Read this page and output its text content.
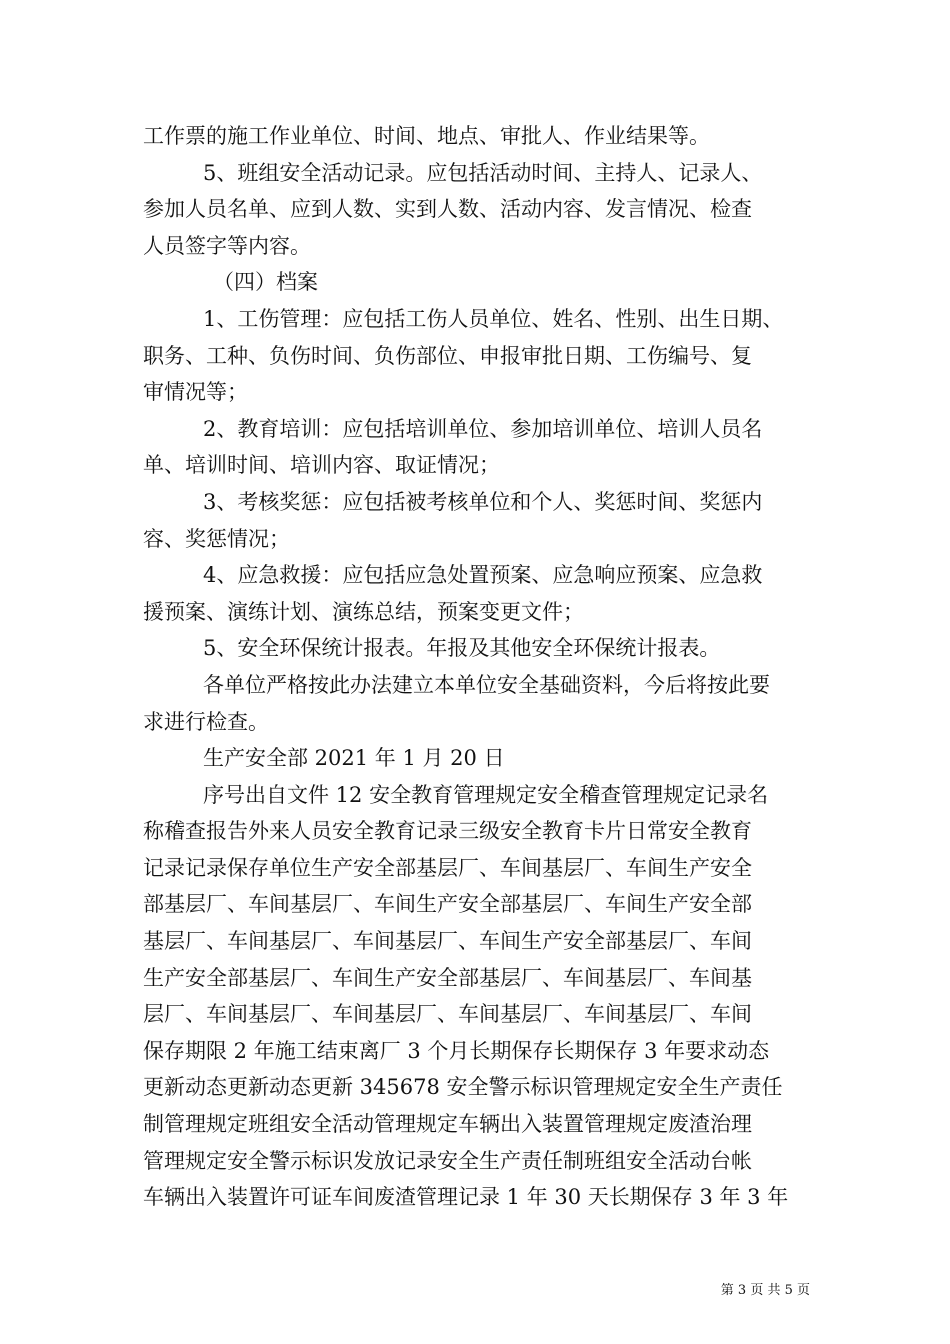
工作票的施工作业单位、时间、地点、审批人、作业结果等。
5、班组安全活动记录。应包括活动时间、主持人、记录人、
参加人员名单、应到人数、实到人数、活动内容、发言情况、检查
人员签字等内容。
（四）档案
1、工伤管理：应包括工伤人员单位、姓名、性别、出生日期、
职务、工种、负伤时间、负伤部位、申报审批日期、工伤编号、复
审情况等；
2、教育培训：应包括培训单位、参加培训单位、培训人员名
单、培训时间、培训内容、取证情况；
3、考核奖惩：应包括被考核单位和个人、奖惩时间、奖惩内
容、奖惩情况；
4、应急救援：应包括应急处置预案、应急响应预案、应急救
援预案、演练计划、演练总结，预案变更文件；
5、安全环保统计报表。年报及其他安全环保统计报表。
各单位严格按此办法建立本单位安全基础资料，今后将按此要
求进行检查。
生产安全部 2021 年 1 月 20 日
序号出自文件 12 安全教育管理规定安全稽查管理规定记录名
称稽查报告外来人员安全教育记录三级安全教育卡片日常安全教育
记录记录保存单位生产安全部基层厂、车间基层厂、车间生产安全
部基层厂、车间基层厂、车间生产安全部基层厂、车间生产安全部
基层厂、车间基层厂、车间基层厂、车间生产安全部基层厂、车间
生产安全部基层厂、车间生产安全部基层厂、车间基层厂、车间基
层厂、车间基层厂、车间基层厂、车间基层厂、车间基层厂、车间
保存期限 2 年施工结束离厂 3 个月长期保存长期保存 3 年要求动态
更新动态更新动态更新 345678 安全警示标识管理规定安全生产责任
制管理规定班组安全活动管理规定车辆出入装置管理规定废渣治理
管理规定安全警示标识发放记录安全生产责任制班组安全活动台帐
车辆出入装置许可证车间废渣管理记录 1 年 30 天长期保存 3 年 3 年
第 3 页 共 5 页
